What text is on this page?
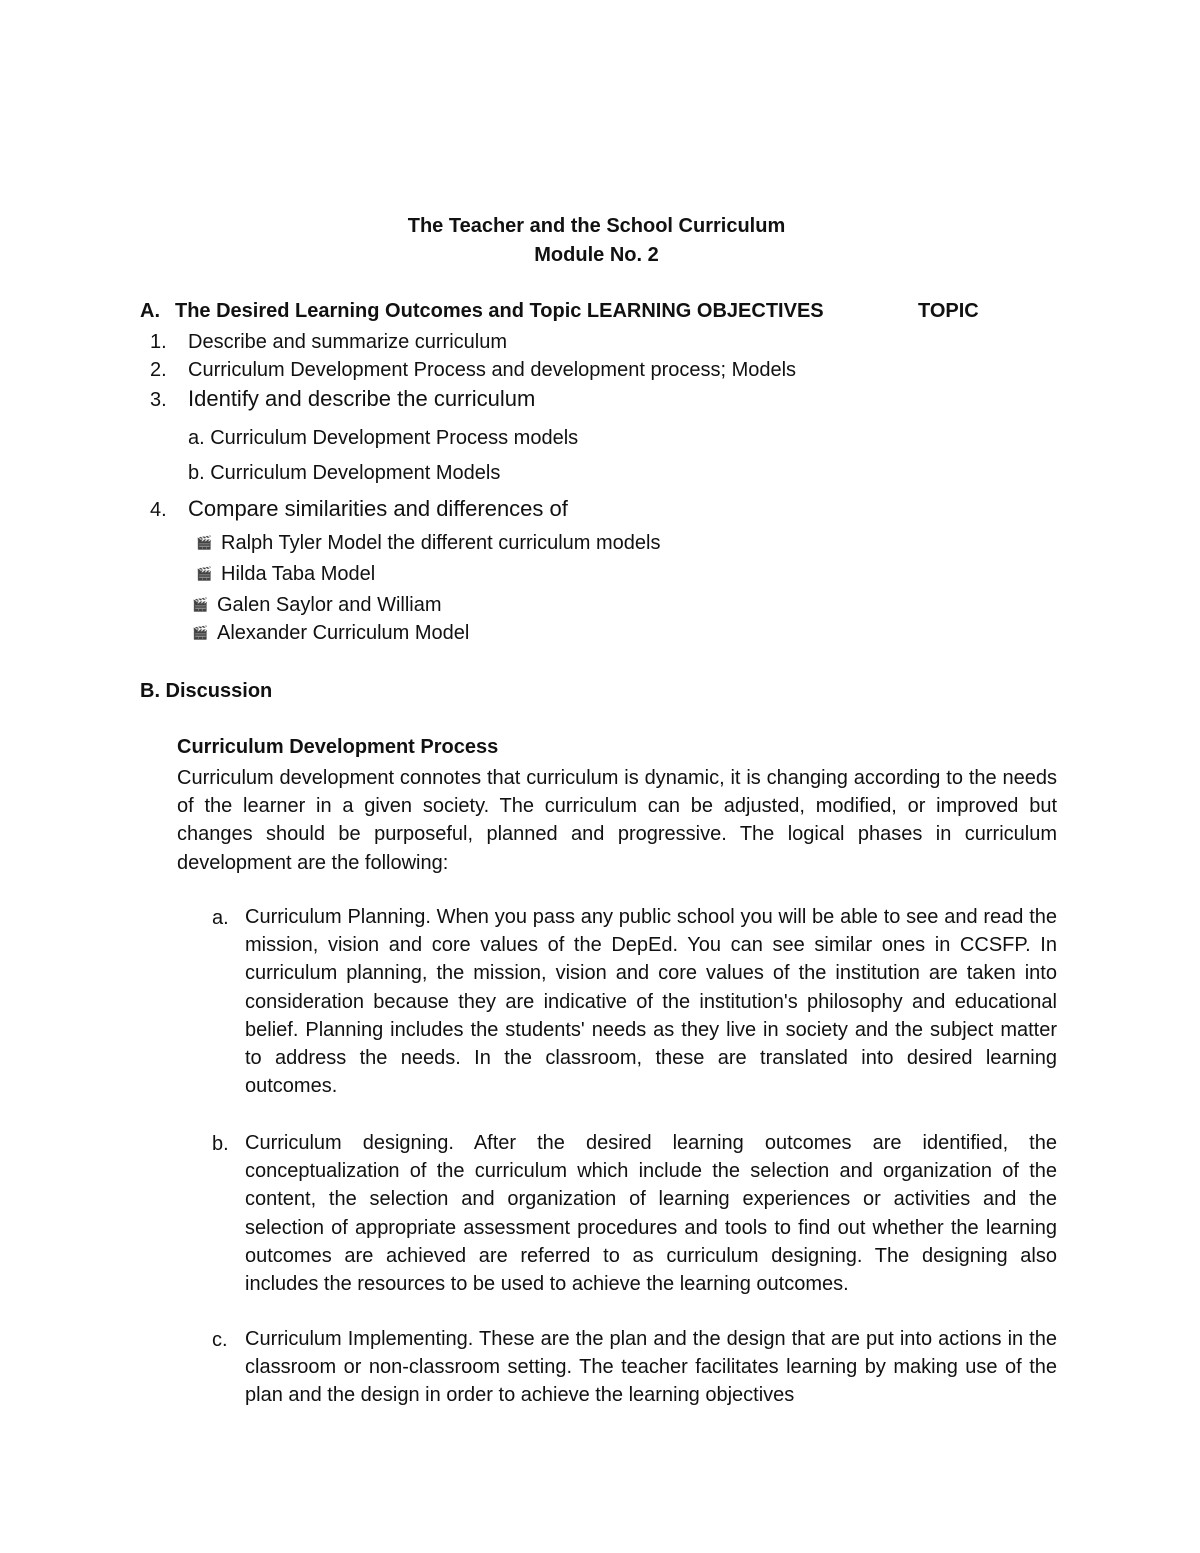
The Teacher and the School Curriculum
Module No. 2
A. The Desired Learning Outcomes and Topic LEARNING OBJECTIVES	TOPIC
1. Describe and summarize curriculum
2. Curriculum Development Process and development process; Models
3. Identify and describe the curriculum
a. Curriculum Development Process models
b. Curriculum Development Models
4. Compare similarities and differences of
🎬 Ralph Tyler Model the different curriculum models
🎬 Hilda Taba Model
🎬 Galen Saylor and William
🎬 Alexander Curriculum Model
B. Discussion
Curriculum Development Process
Curriculum development connotes that curriculum is dynamic, it is changing according to the needs of the learner in a given society. The curriculum can be adjusted, modified, or improved but changes should be purposeful, planned and progressive. The logical phases in curriculum development are the following:
a. Curriculum Planning. When you pass any public school you will be able to see and read the mission, vision and core values of the DepEd. You can see similar ones in CCSFP. In curriculum planning, the mission, vision and core values of the institution are taken into consideration because they are indicative of the institution's philosophy and educational belief. Planning includes the students' needs as they live in society and the subject matter to address the needs. In the classroom, these are translated into desired learning outcomes.
b. Curriculum designing. After the desired learning outcomes are identified, the conceptualization of the curriculum which include the selection and organization of the content, the selection and organization of learning experiences or activities and the selection of appropriate assessment procedures and tools to find out whether the learning outcomes are achieved are referred to as curriculum designing. The designing also includes the resources to be used to achieve the learning outcomes.
c. Curriculum Implementing. These are the plan and the design that are put into actions in the classroom or non-classroom setting. The teacher facilitates learning by making use of the plan and the design in order to achieve the learning objectives
